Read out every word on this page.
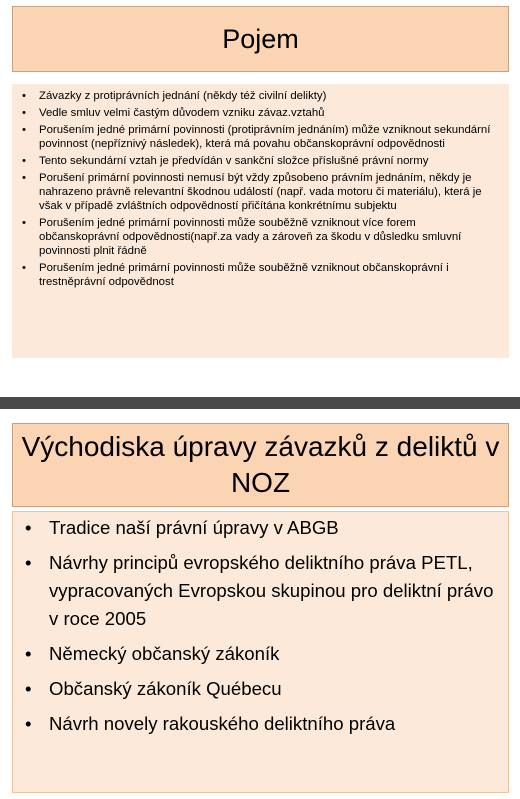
Pojem
• Závazky z protiprávních jednání (někdy též civilní delikty)
• Vedle smluv velmi častým důvodem vzniku závaz.vztahů
• Porušením jedné primární povinnosti (protiprávním jednáním) může vzniknout sekundární povinnost (nepříznivý následek), která má povahu občanskoprávní odpovědnosti
• Tento sekundární vztah je předvídán v sankční složce příslušné právní normy
• Porušení primární povinnosti nemusí být vždy způsobeno právním jednáním, někdy je nahrazeno právně relevantní škodnou událostí (např. vada motoru či materiálu), která je však v případě zvláštních odpovědností přičítána konkrétnímu subjektu
• Porušením jedné primární povinnosti může souběžně vzniknout více forem občanskoprávní odpovědnosti(např.za vady a zároveň za škodu v důsledku smluvní povinnosti plnit řádně
• Porušením jedné primární povinnosti může souběžně vzniknout občanskoprávní i trestněprávní odpovědnost
Východiska úpravy závazků z deliktů v NOZ
• Tradice naší právní úpravy v ABGB
• Návrhy principů evropského deliktního práva PETL, vypracovaných Evropskou skupinou pro deliktní právo v roce 2005
• Německý občanský zákoník
• Občanský zákoník Québecu
• Návrh novely rakouského deliktního práva
